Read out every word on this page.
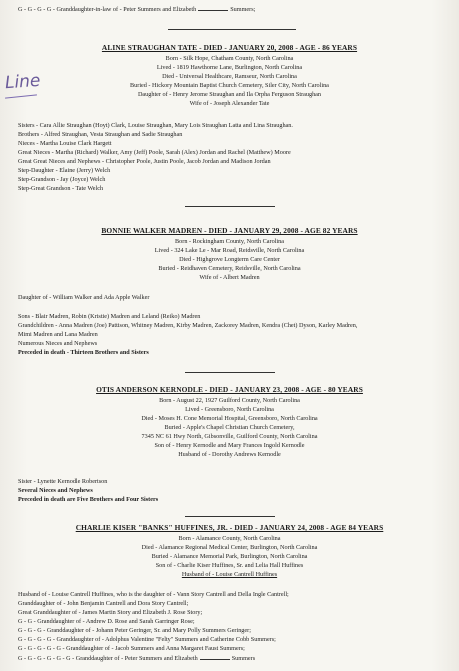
G - G - G - G - Granddaughter-in-law of - Peter Summers and Elizabeth	Summers;
Line
ALINE STRAUGHAN TATE - DIED - JANUARY 20, 2008 - AGE - 86 YEARS
Born - Silk Hope, Chatham County, North Carolina
Lived - 1819 Hawthorne Lane, Burlington, North Carolina
Died - Universal Healthcare, Ramseur, North Carolina
Buried - Hickory Mountain Baptist Church Cemetery, Siler City, North Carolina
Daughter of - Henry Jerome Straughan and Ila Orpha Ferguson Straughan
Wife of - Joseph Alexander Tate
Sisters - Cara Allie Straughan (Hoyt) Clark, Louise Straughan, Mary Lois Straughan Latta and Lina Straughan.
Brothers - Alfred Straughan, Vesta Straughan and Sadie Straughan
Nieces - Martha Louise Clark Hargett
Great Nieces - Martha (Richard) Walker, Amy (Jeff) Poole, Sarah (Alex) Jordan and Rachel (Matthew) Moore
Great Great Nieces and Nephews - Christopher Poole, Justin Poole, Jacob Jordan and Madison Jordan
Step-Daughter - Elaine (Jerry) Welch
Step-Grandson - Jay (Joyce) Welch
Step-Great Grandson - Tate Welch
BONNIE WALKER MADREN - DIED - JANUARY 29, 2008 - AGE 82 YEARS
Born - Rockingham County, North Carolina
Lived - 324 Lake Le - Mar Road, Reidsville, North Carolina
Died - Highgrove Longterm Care Center
Buried - Reidhaven Cemetery, Reidsville, North Carolina
Wife of - Albert Madren
Daughter of - William Walker and Ada Apple Walker
Sons - Blair Madren, Robin (Kristie) Madren and Leland (Reiko) Madren
Grandchildren - Anna Madren (Joe) Pattison, Whitney Madren, Kirby Madren, Zackorey Madren, Kendra (Chet) Dyson, Karley Madren,
Mimi Madren and Lana Madren
Numerous Nieces and Nephews
Preceded in death - Thirteen Brothers and Sisters
OTIS ANDERSON KERNODLE - DIED - JANUARY 23, 2008 - AGE - 80 YEARS
Born - August 22, 1927 Guilford County, North Carolina
Lived - Greensboro, North Carolina
Died - Moses H. Cone Memorial Hospital, Greensboro, North Carolina
Buried - Apple's Chapel Christian Church Cemetery,
7345 NC 61 Hwy North, Gibsonville, Guilford County, North Carolina
Son of - Henry Kernodle and Mary Frances Ingold Kernodle
Husband of - Dorothy Andrews Kernodle
Sister - Lynette Kernodle Robertson
Several Nieces and Nephews
Preceded in death are Five Brothers and Four Sisters
CHARLIE KISER "BANKS" HUFFINES, JR. - DIED - JANUARY 24, 2008 - AGE 84 YEARS
Born - Alamance County, North Carolina
Died - Alamance Regional Medical Center, Burlington, North Carolina
Buried - Alamance Memorial Park, Burlington, North Carolina
Son of - Charlie Kiser Huffines, Sr. and Lelia Hall Huffines
Husband of - Louise Cantrell Huffines
Husband of - Louise Cantrell Huffines, who is the daughter of - Vann Story Cantrell and Della Ingle Cantrell;
Granddaughter of - John Benjamin Cantrell and Dora Story Cantrell;
Great Granddaughter of - James Martin Story and Elizabeth J. Rose Story;
G - G - Granddaughter of - Andrew D. Rose and Sarah Garringer Rose;
G - G - G - Granddaughter of - Johann Peter Geringer, Sr. and Mary Polly Summers Geringer;
G - G - G - G - Granddaughter of - Adolphus Valentine "Felty" Summers and Catherine Cobb Summers;
G - G - G - G - G - Granddaughter of - Jacob Summers and Anna Margaret Faust Summers;
G - G - G - G - G - G - Granddaughter of - Peter Summers and Elizabeth	Summers
